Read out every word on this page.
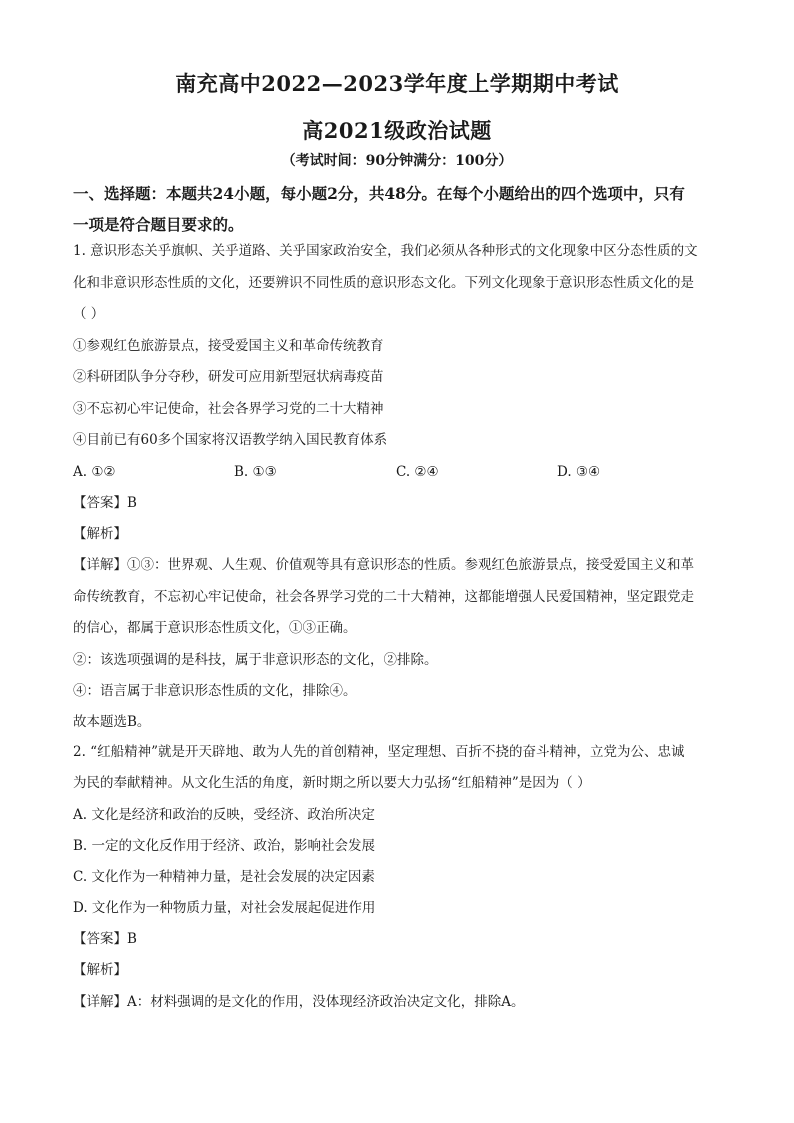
南充高中2022—2023学年度上学期期中考试
高2021级政治试题
（考试时间：90分钟满分：100分）
一、选择题：本题共24小题，每小题2分，共48分。在每个小题给出的四个选项中，只有
一项是符合题目要求的。
1. 意识形态关乎旗帜、关乎道路、关乎国家政治安全，我们必须从各种形式的文化现象中区分态性质的文
化和非意识形态性质的文化，还要辨识不同性质的意识形态文化。下列文化现象于意识形态性质文化的是
（ ）
①参观红色旅游景点，接受爱国主义和革命传统教育
②科研团队争分夺秒，研发可应用新型冠状病毒疫苗
③不忘初心牢记使命，社会各界学习党的二十大精神
④目前已有60多个国家将汉语教学纳入国民教育体系
A. ①②	B. ①③	C. ②④	D. ③④
【答案】B
【解析】
【详解】①③：世界观、人生观、价值观等具有意识形态的性质。参观红色旅游景点，接受爱国主义和革
命传统教育，不忘初心牢记使命，社会各界学习党的二十大精神，这都能增强人民爱国精神，坚定跟党走
的信心，都属于意识形态性质文化，①③正确。
②：该选项强调的是科技，属于非意识形态的文化，②排除。
④：语言属于非意识形态性质的文化，排除④。
故本题选B。
2. “红船精神”就是开天辟地、敢为人先的首创精神，坚定理想、百折不挠的奋斗精神，立党为公、忠诚
为民的奉献精神。从文化生活的角度，新时期之所以要大力弘扬“红船精神”是因为（ ）
A. 文化是经济和政治的反映，受经济、政治所决定
B. 一定的文化反作用于经济、政治，影响社会发展
C. 文化作为一种精神力量，是社会发展的决定因素
D. 文化作为一种物质力量，对社会发展起促进作用
【答案】B
【解析】
【详解】A：材料强调的是文化的作用，没体现经济政治决定文化，排除A。
